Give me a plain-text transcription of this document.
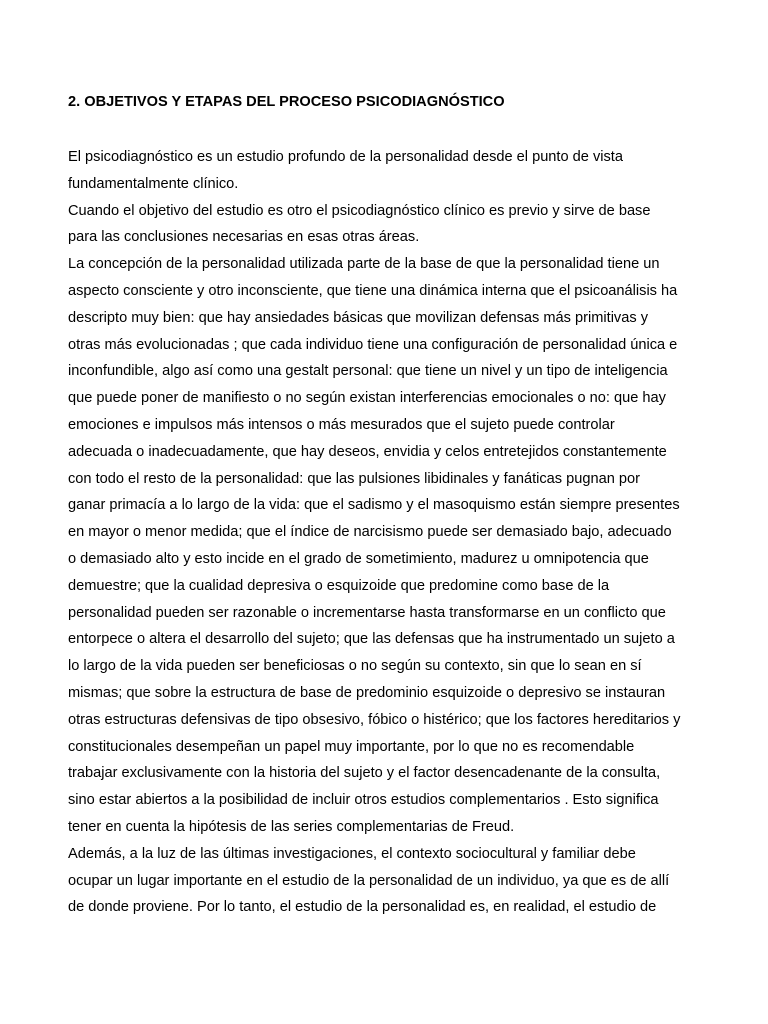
2. OBJETIVOS Y ETAPAS DEL PROCESO PSICODIAGNÓSTICO
El psicodiagnóstico es un estudio profundo de la personalidad desde el punto de vista
fundamentalmente clínico.
Cuando el objetivo del estudio es otro el psicodiagnóstico clínico es previo y sirve de base
para las conclusiones necesarias en esas otras áreas.
La concepción de la personalidad utilizada parte de la base de que la personalidad tiene un
aspecto consciente y otro inconsciente, que tiene una dinámica interna que el psicoanálisis ha
descripto muy bien: que hay ansiedades básicas que movilizan defensas más primitivas y
otras más evolucionadas ; que cada individuo tiene una configuración de personalidad única e
inconfundible, algo así como una gestalt personal: que tiene un nivel y un tipo de inteligencia
que puede poner de manifiesto o no según existan interferencias emocionales o no: que hay
emociones e impulsos más intensos o más mesurados que el sujeto puede controlar
adecuada o inadecuadamente, que hay deseos, envidia y celos entretejidos constantemente
con todo el resto de la personalidad: que las pulsiones libidinales y fanáticas pugnan por
ganar primacía a lo largo de la vida: que el sadismo y el masoquismo están siempre presentes
en mayor o menor medida; que el índice de narcisismo puede ser demasiado bajo, adecuado
o demasiado alto y esto incide en el grado de sometimiento, madurez u omnipotencia que
demuestre; que la cualidad depresiva o esquizoide que predomine como base de la
personalidad pueden ser razonable o incrementarse hasta transformarse en un conflicto que
entorpece o altera el desarrollo del sujeto; que las defensas que ha instrumentado un sujeto a
lo largo de la vida pueden ser beneficiosas o no según su contexto, sin que lo sean en sí
mismas; que sobre la estructura de base de predominio esquizoide o depresivo se instauran
otras estructuras defensivas de tipo obsesivo, fóbico o histérico; que los factores hereditarios y
constitucionales desempeñan un papel muy importante, por lo que no es recomendable
trabajar exclusivamente con la historia del sujeto y el factor desencadenante de la consulta,
sino estar abiertos a la posibilidad de incluir otros estudios complementarios . Esto significa
tener en cuenta la hipótesis de las series complementarias de Freud.
Además, a la luz de las últimas investigaciones, el contexto sociocultural y familiar debe
ocupar un lugar importante en el estudio de la personalidad de un individuo, ya que es de allí
de donde proviene. Por lo tanto, el estudio de la personalidad es, en realidad, el estudio de
